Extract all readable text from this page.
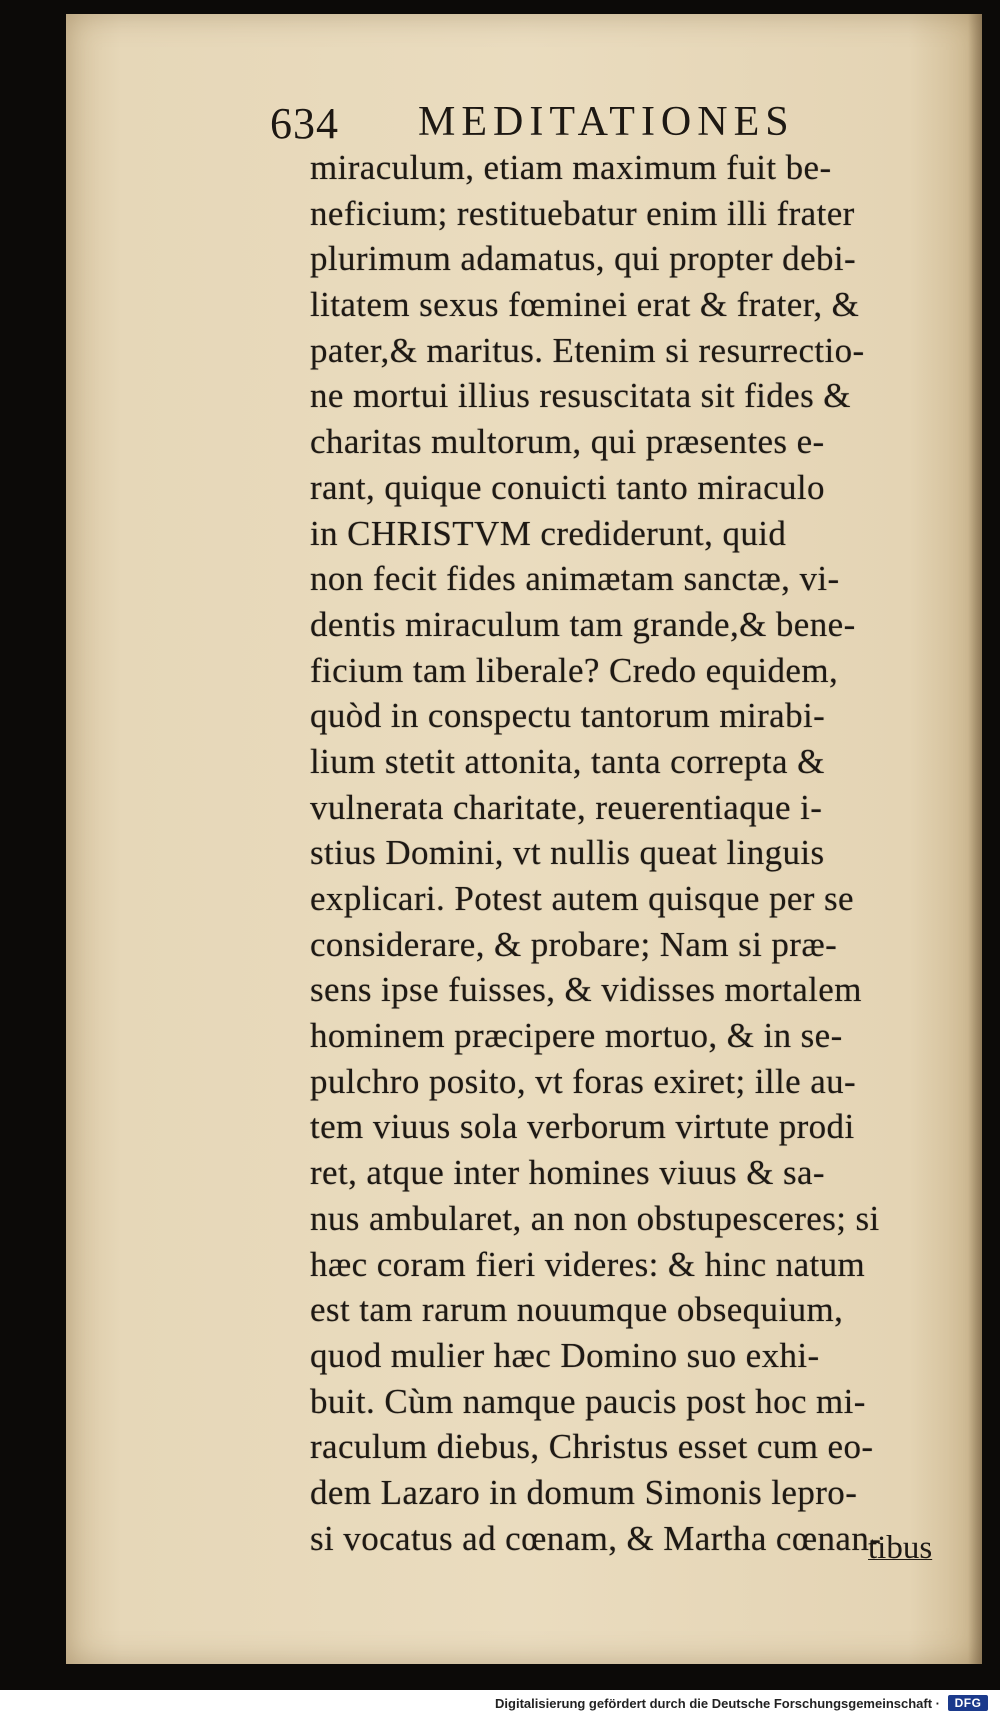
634 MEDITATIONES
miraculum, etiam maximum fuit be-
neficium; restituebatur enim illi frater
plurimum adamatus, qui propter debi-
litatem sexus fœminei erat & frater, &
pater,& maritus. Etenim si resurrectio-
ne mortui illius resuscitata sit fides &
charitas multorum, qui præsentes e-
rant, quique conuicti tanto miraculo
in CHRISTVM crediderunt, quid
non fecit fides animætam sanctæ, vi-
dentis miraculum tam grande,& bene-
ficium tam liberale? Credo equidem,
quòd in conspectu tantorum mirabi-
lium stetit attonita, tanta correpta &
vulnerata charitate, reuerentiaque i-
stius Domini, vt nullis queat linguis
explicari. Potest autem quisque per se
considerare, & probare; Nam si præ-
sens ipse fuisses, & vidisses mortalem
hominem præcipere mortuo, & in se-
pulchro posito, vt foras exiret; ille au-
tem viuus sola verborum virtute prodi
ret, atque inter homines viuus & sa-
nus ambularet, an non obstupesceres; si
hæc coram fieri videres: & hinc natum
est tam rarum nouumque obsequium,
quod mulier hæc Domino suo exhi-
buit. Cùm namque paucis post hoc mi-
raculum diebus, Christus esset cum eo-
dem Lazaro in domum Simonis lepro-
si vocatus ad cœnam, & Martha cœnan-
tibus
Digitalisierung gefördert durch die Deutsche Forschungsgemeinschaft ·	DFG
